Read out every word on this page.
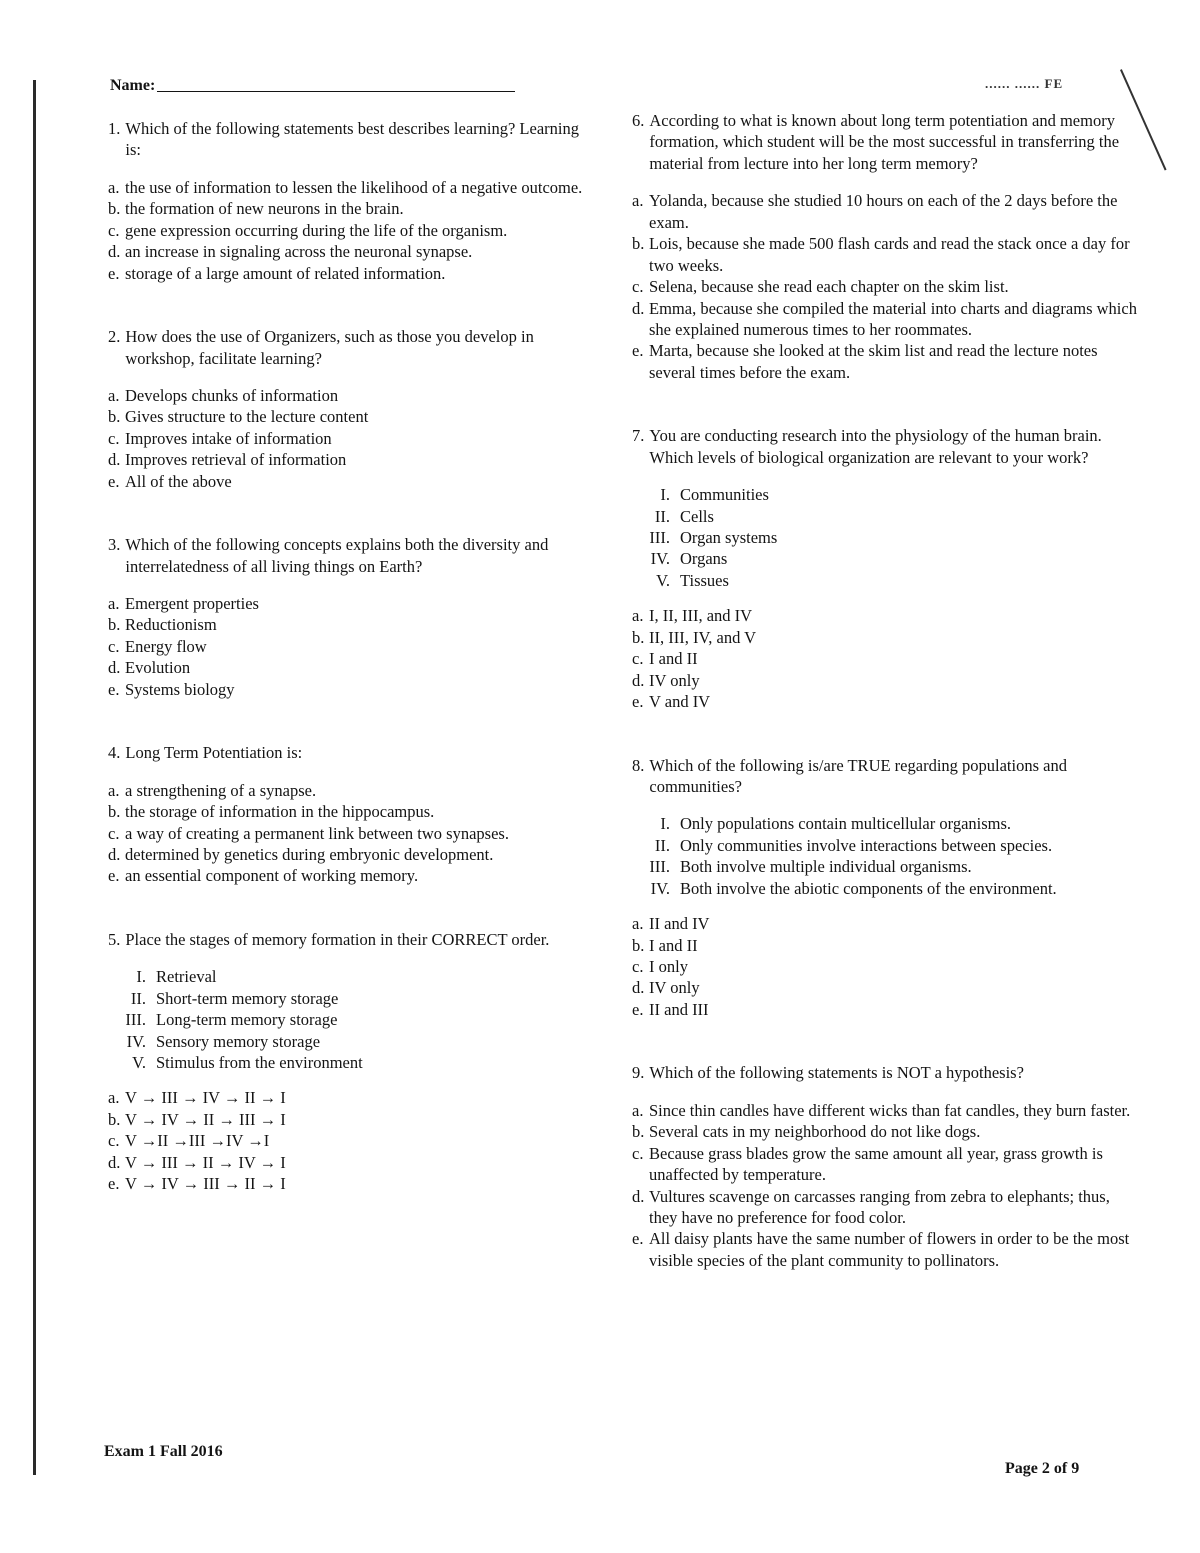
...... ...... FE
Name:
1. Which of the following statements best describes learning? Learning is:
a. the use of information to lessen the likelihood of a negative outcome.
b. the formation of new neurons in the brain.
c. gene expression occurring during the life of the organism.
d. an increase in signaling across the neuronal synapse.
e. storage of a large amount of related information.
2. How does the use of Organizers, such as those you develop in workshop, facilitate learning?
a. Develops chunks of information
b. Gives structure to the lecture content
c. Improves intake of information
d. Improves retrieval of information
e. All of the above
3. Which of the following concepts explains both the diversity and interrelatedness of all living things on Earth?
a. Emergent properties
b. Reductionism
c. Energy flow
d. Evolution
e. Systems biology
4. Long Term Potentiation is:
a. a strengthening of a synapse.
b. the storage of information in the hippocampus.
c. a way of creating a permanent link between two synapses.
d. determined by genetics during embryonic development.
e. an essential component of working memory.
5. Place the stages of memory formation in their CORRECT order.
I. Retrieval
II. Short-term memory storage
III. Long-term memory storage
IV. Sensory memory storage
V. Stimulus from the environment
a. V → III → IV → II → I
b. V → IV → II → III → I
c. V →II →III →IV →I
d. V → III → II → IV → I
e. V → IV → III → II → I
6. According to what is known about long term potentiation and memory formation, which student will be the most successful in transferring the material from lecture into her long term memory?
a. Yolanda, because she studied 10 hours on each of the 2 days before the exam.
b. Lois, because she made 500 flash cards and read the stack once a day for two weeks.
c. Selena, because she read each chapter on the skim list.
d. Emma, because she compiled the material into charts and diagrams which she explained numerous times to her roommates.
e. Marta, because she looked at the skim list and read the lecture notes several times before the exam.
7. You are conducting research into the physiology of the human brain. Which levels of biological organization are relevant to your work?
I. Communities
II. Cells
III. Organ systems
IV. Organs
V. Tissues
a. I, II, III, and IV
b. II, III, IV, and V
c. I and II
d. IV only
e. V and IV
8. Which of the following is/are TRUE regarding populations and communities?
I. Only populations contain multicellular organisms.
II. Only communities involve interactions between species.
III. Both involve multiple individual organisms.
IV. Both involve the abiotic components of the environment.
a. II and IV
b. I and II
c. I only
d. IV only
e. II and III
9. Which of the following statements is NOT a hypothesis?
a. Since thin candles have different wicks than fat candles, they burn faster.
b. Several cats in my neighborhood do not like dogs.
c. Because grass blades grow the same amount all year, grass growth is unaffected by temperature.
d. Vultures scavenge on carcasses ranging from zebra to elephants; thus, they have no preference for food color.
e. All daisy plants have the same number of flowers in order to be the most visible species of the plant community to pollinators.
Exam 1 Fall 2016
Page 2 of 9
